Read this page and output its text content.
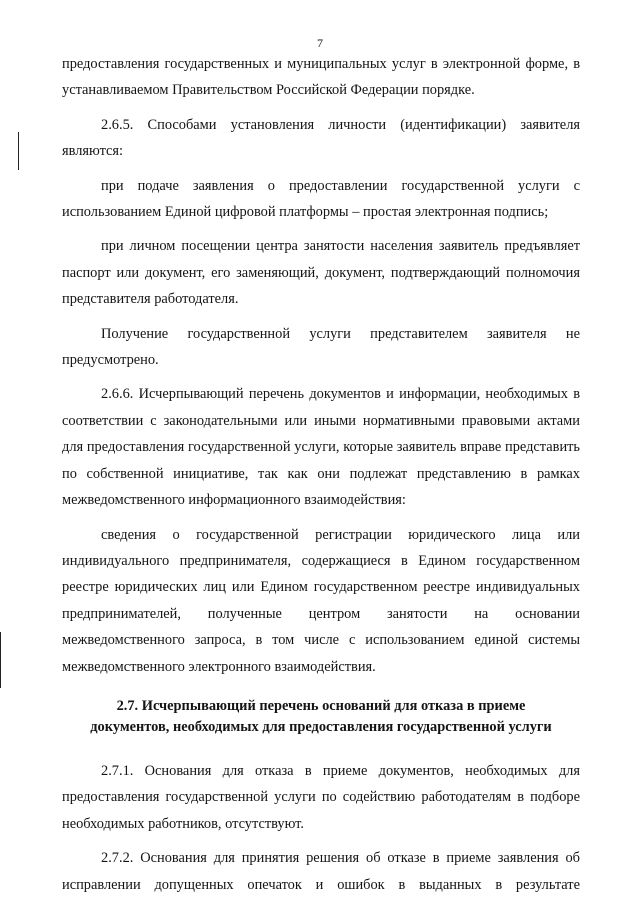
7

предоставления государственных и муниципальных услуг в электронной форме, в устанавливаемом Правительством Российской Федерации порядке.

2.6.5. Способами установления личности (идентификации) заявителя являются:

при подаче заявления о предоставлении государственной услуги с использованием Единой цифровой платформы – простая электронная подпись;

при личном посещении центра занятости населения заявитель предъявляет паспорт или документ, его заменяющий, документ, подтверждающий полномочия представителя работодателя.

Получение государственной услуги представителем заявителя не предусмотрено.

2.6.6. Исчерпывающий перечень документов и информации, необходимых в соответствии с законодательными или иными нормативными правовыми актами для предоставления государственной услуги, которые заявитель вправе представить по собственной инициативе, так как они подлежат представлению в рамках межведомственного информационного взаимодействия:

сведения о государственной регистрации юридического лица или индивидуального предпринимателя, содержащиеся в Едином государственном реестре юридических лиц или Едином государственном реестре индивидуальных предпринимателей, полученные центром занятости на основании межведомственного запроса, в том числе с использованием единой системы межведомственного электронного взаимодействия.

2.7. Исчерпывающий перечень оснований для отказа в приеме
документов, необходимых для предоставления государственной услуги

2.7.1. Основания для отказа в приеме документов, необходимых для предоставления государственной услуги по содействию работодателям в подборе необходимых работников, отсутствуют.

2.7.2. Основания для принятия решения об отказе в приеме заявления об исправлении допущенных опечаток и ошибок в выданных в результате
